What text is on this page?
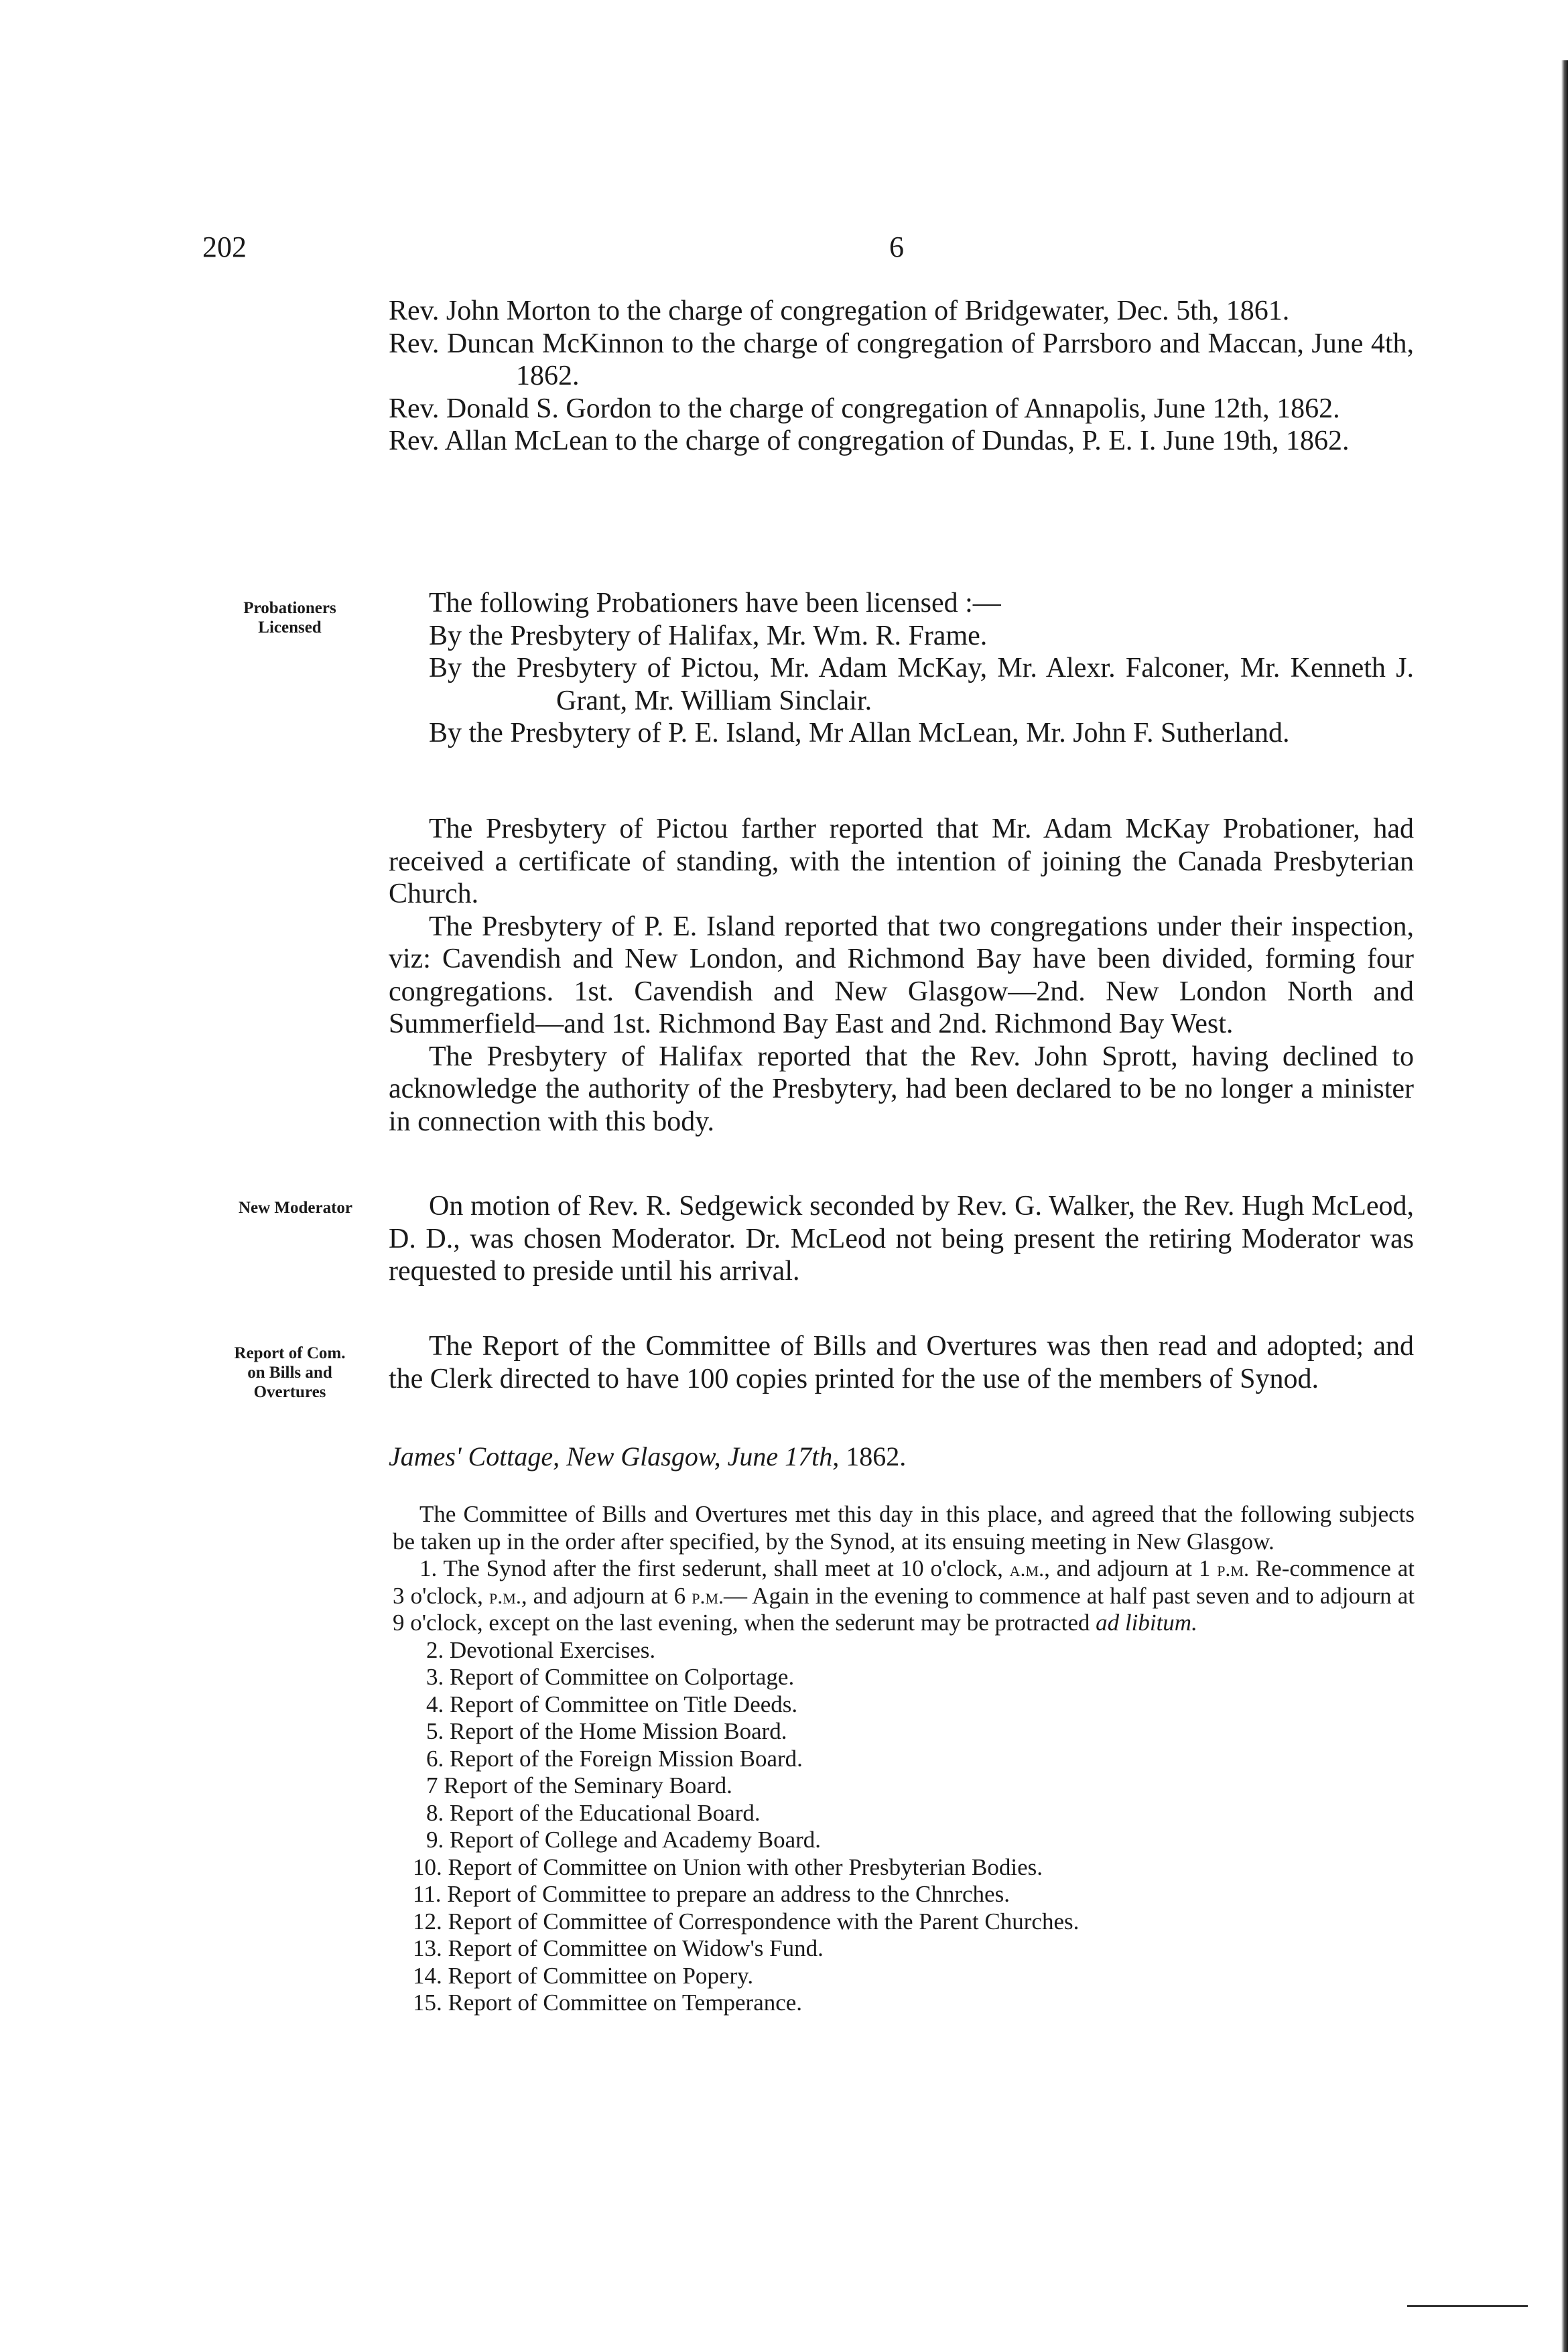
202	6

Rev. John Morton to the charge of congregation of Bridgewater, Dec. 5th, 1861.

Rev. Duncan McKinnon to the charge of congregation of Parrsboro and Maccan, June 4th, 1862.

Rev. Donald S. Gordon to the charge of congregation of Annapolis, June 12th, 1862.

Rev. Allan McLean to the charge of congregation of Dundas, P. E. I. June 19th, 1862.

Probationers
Licensed

The following Probationers have been licensed :—

By the Presbytery of Halifax, Mr. Wm. R. Frame.

By the Presbytery of Pictou, Mr. Adam McKay, Mr. Alexr. Falconer, Mr. Kenneth J. Grant, Mr. William Sinclair.

By the Presbytery of P. E. Island, Mr Allan McLean, Mr. John F. Sutherland.

The Presbytery of Pictou farther reported that Mr. Adam McKay Probationer, had received a certificate of standing, with the intention of joining the Canada Presbyterian Church.

The Presbytery of P. E. Island reported that two congregations under their inspection, viz: Cavendish and New London, and Richmond Bay have been divided, forming four congregations. 1st. Cavendish and New Glasgow—2nd. New London North and Summerfield—and 1st. Richmond Bay East and 2nd. Richmond Bay West.

The Presbytery of Halifax reported that the Rev. John Sprott, having declined to acknowledge the authority of the Presbytery, had been declared to be no longer a minister in connection with this body.

New Moderator	On motion of Rev. R. Sedgewick seconded by Rev. G. Walker, the Rev. Hugh McLeod, D. D., was chosen Moderator. Dr. McLeod not being present the retiring Moderator was requested to preside until his arrival.

Report of Com.
on Bills and
Overtures

The Report of the Committee of Bills and Overtures was then read and adopted; and the Clerk directed to have 100 copies printed for the use of the members of Synod.

James' Cottage, New Glasgow, June 17th, 1862.

The Committee of Bills and Overtures met this day in this place, and agreed that the following subjects be taken up in the order after specified, by the Synod, at its ensuing meeting in New Glasgow.

1. The Synod after the first sederunt, shall meet at 10 o'clock, a.m., and adjourn at 1 p.m. Re-commence at 3 o'clock, p.m., and adjourn at 6 p.m.— Again in the evening to commence at half past seven and to adjourn at 9 o'clock, except on the last evening, when the sederunt may be protracted ad libitum.

2. Devotional Exercises.

3. Report of Committee on Colportage.

4. Report of Committee on Title Deeds.

5. Report of the Home Mission Board.

6. Report of the Foreign Mission Board.

7 Report of the Seminary Board.

8. Report of the Educational Board.

9. Report of College and Academy Board.

10. Report of Committee on Union with other Presbyterian Bodies.

11. Report of Committee to prepare an address to the Chnrches.

12. Report of Committee of Correspondence with the Parent Churches.

13. Report of Committee on Widow's Fund.

14. Report of Committee on Popery.

15. Report of Committee on Temperance.
